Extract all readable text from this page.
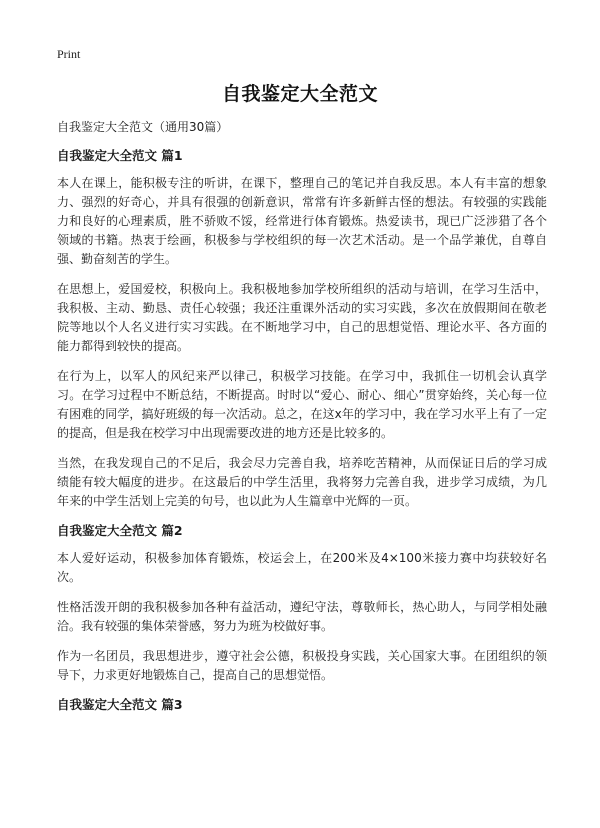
Print
自我鉴定大全范文

自我鉴定大全范文（通用30篇）

自我鉴定大全范文 篇1

本人在课上，能积极专注的听讲，在课下，整理自己的笔记并自我反思。本人有丰富的想象力、强烈的好奇心，并具有很强的创新意识，常常有许多新鲜古怪的想法。有较强的实践能力和良好的心理素质，胜不骄败不馁，经常进行体育锻炼。热爱读书，现已广泛涉猎了各个领域的书籍。热衷于绘画，积极参与学校组织的每一次艺术活动。是一个品学兼优，自尊自强、勤奋刻苦的学生。

在思想上，爱国爱校，积极向上。我积极地参加学校所组织的活动与培训，在学习生活中，我积极、主动、勤恳、责任心较强；我还注重课外活动的实习实践，多次在放假期间在敬老院等地以个人名义进行实习实践。在不断地学习中，自己的思想觉悟、理论水平、各方面的能力都得到较快的提高。

在行为上，以军人的风纪来严以律己，积极学习技能。在学习中，我抓住一切机会认真学习。在学习过程中不断总结，不断提高。时时以“爱心、耐心、细心”贯穿始终，关心每一位有困难的同学，搞好班级的每一次活动。总之，在这x年的学习中，我在学习水平上有了一定的提高，但是我在校学习中出现需要改进的地方还是比较多的。

当然，在我发现自己的不足后，我会尽力完善自我，培养吃苦精神，从而保证日后的学习成绩能有较大幅度的进步。在这最后的中学生活里，我将努力完善自我，进步学习成绩，为几年来的中学生活划上完美的句号，也以此为人生篇章中光辉的一页。

自我鉴定大全范文 篇2

本人爱好运动，积极参加体育锻炼，校运会上，在200米及4×100米接力赛中均获较好名次。

性格活泼开朗的我积极参加各种有益活动，遵纪守法，尊敬师长，热心助人，与同学相处融洽。我有较强的集体荣誉感，努力为班为校做好事。

作为一名团员，我思想进步，遵守社会公德，积极投身实践，关心国家大事。在团组织的领导下，力求更好地锻炼自己，提高自己的思想觉悟。

自我鉴定大全范文 篇3
